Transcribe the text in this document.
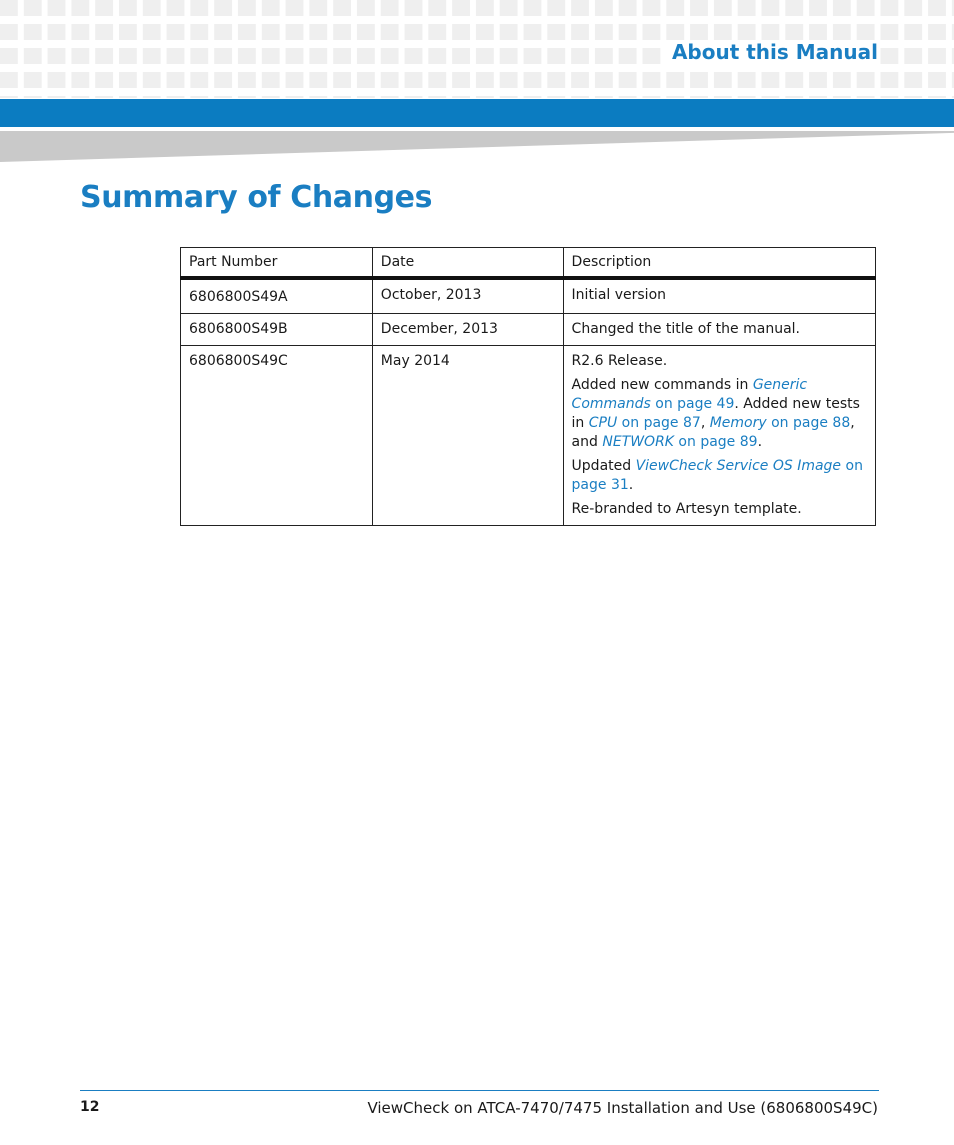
About this Manual
Summary of Changes
Part Number	Date	Description
6806800S49A	October, 2013	Initial version
6806800S49B	December, 2013	Changed the title of the manual.
6806800S49C	May 2014	R2.6 Release.

Added new commands in Generic Commands on page 49. Added new tests in CPU on page 87, Memory on page 88, and NETWORK on page 89.

Updated ViewCheck Service OS Image on page 31.

Re-branded to Artesyn template.

12	ViewCheck on ATCA-7470/7475 Installation and Use (6806800S49C)
